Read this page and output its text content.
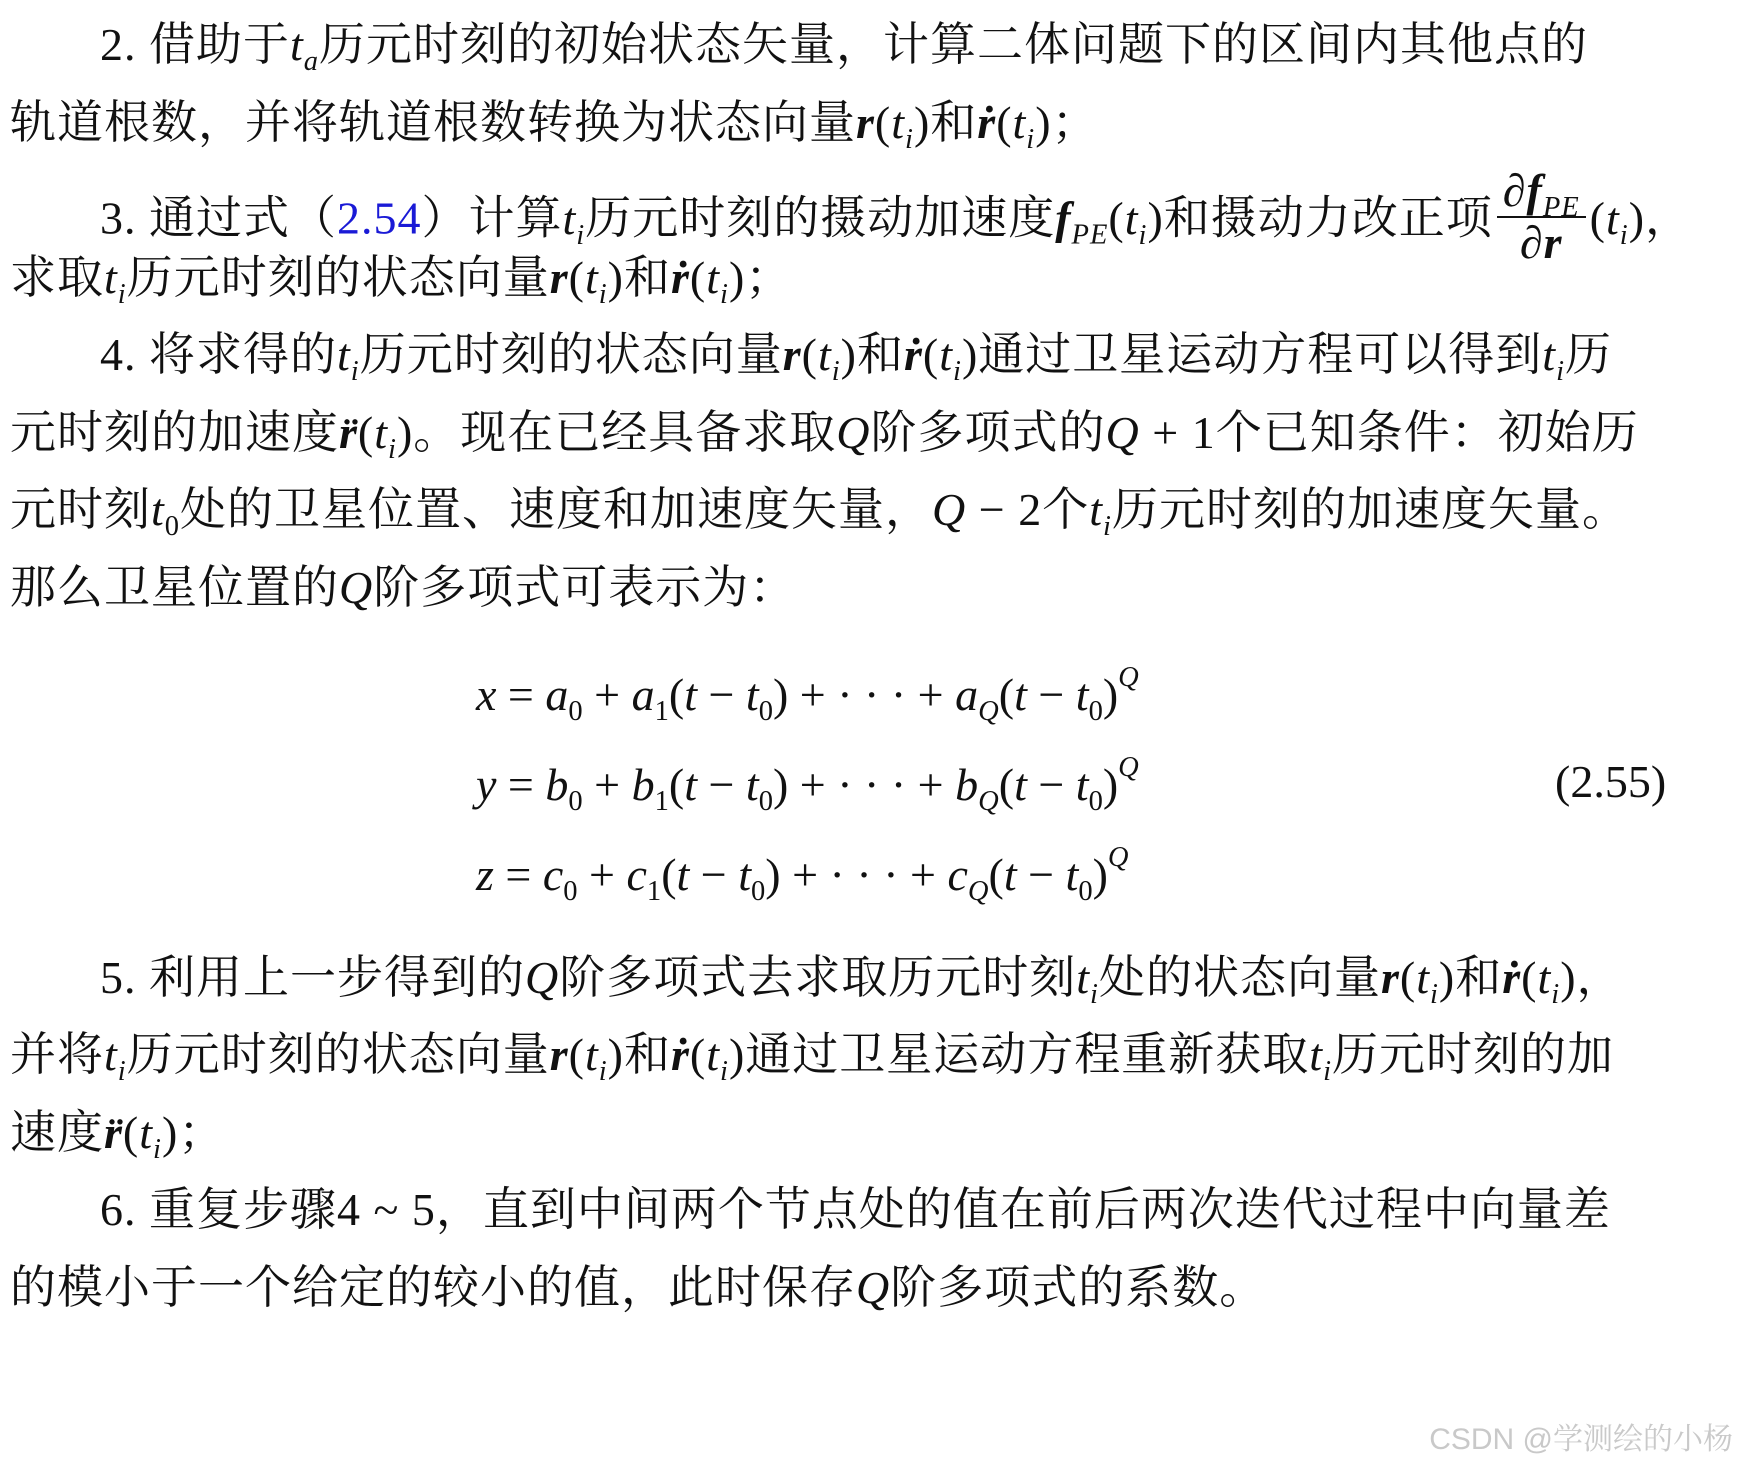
2. 借助于$t_a$历元时刻的初始状态矢量，计算二体问题下的区间内其他点的
轨道根数，并将轨道根数转换为状态向量$r(t_i)$和$ṙ(t_i)$；
3. 通过式（2.54）计算$t_i$历元时刻的摄动加速度$f_{PE}(t_i)$和摄动力改正项 $\frac{\partial f_{PE}}{\partial r} (t_i)$，
求取$t_i$历元时刻的状态向量$r(t_i)$和$ṙ(t_i)$；
4. 将求得的$t_i$历元时刻的状态向量$r(t_i)$和$ṙ(t_i)$通过卫星运动方程可以得到$t_i$历
元时刻的加速度$r̈(t_i)$。现在已经具备求取Q阶多项式的Q + 1个已知条件：初始历
元时刻$t_0$处的卫星位置、速度和加速度矢量，Q − 2个$t_i$历元时刻的加速度矢量。
那么卫星位置的Q阶多项式可表示为：
$x = a_0 + a_1(t - t_0)$ + · · · + $a_Q(t - t_0)^Q$
$y = b_0 + b_1(t - t_0)$ + · · · + $b_Q(t - t_0)^Q$
$z = c_0 + c_1(t - t_0)$ + · · · + $c_Q(t - t_0)^Q$
(2.55)
5. 利用上一步得到的Q阶多项式去求取历元时刻$t_i$处的状态向量$r(t_i)$和$ṙ(t_i)$，
并将$t_i$历元时刻的状态向量$r(t_i)$和$ṙ(t_i)$通过卫星运动方程重新获取$t_i$历元时刻的加
速度$r̈(t_i)$；
6. 重复步骤4 ~ 5，直到中间两个节点处的值在前后两次迭代过程中向量差
的模小于一个给定的较小的值，此时保存Q阶多项式的系数。
CSDN @学测绘的小杨
